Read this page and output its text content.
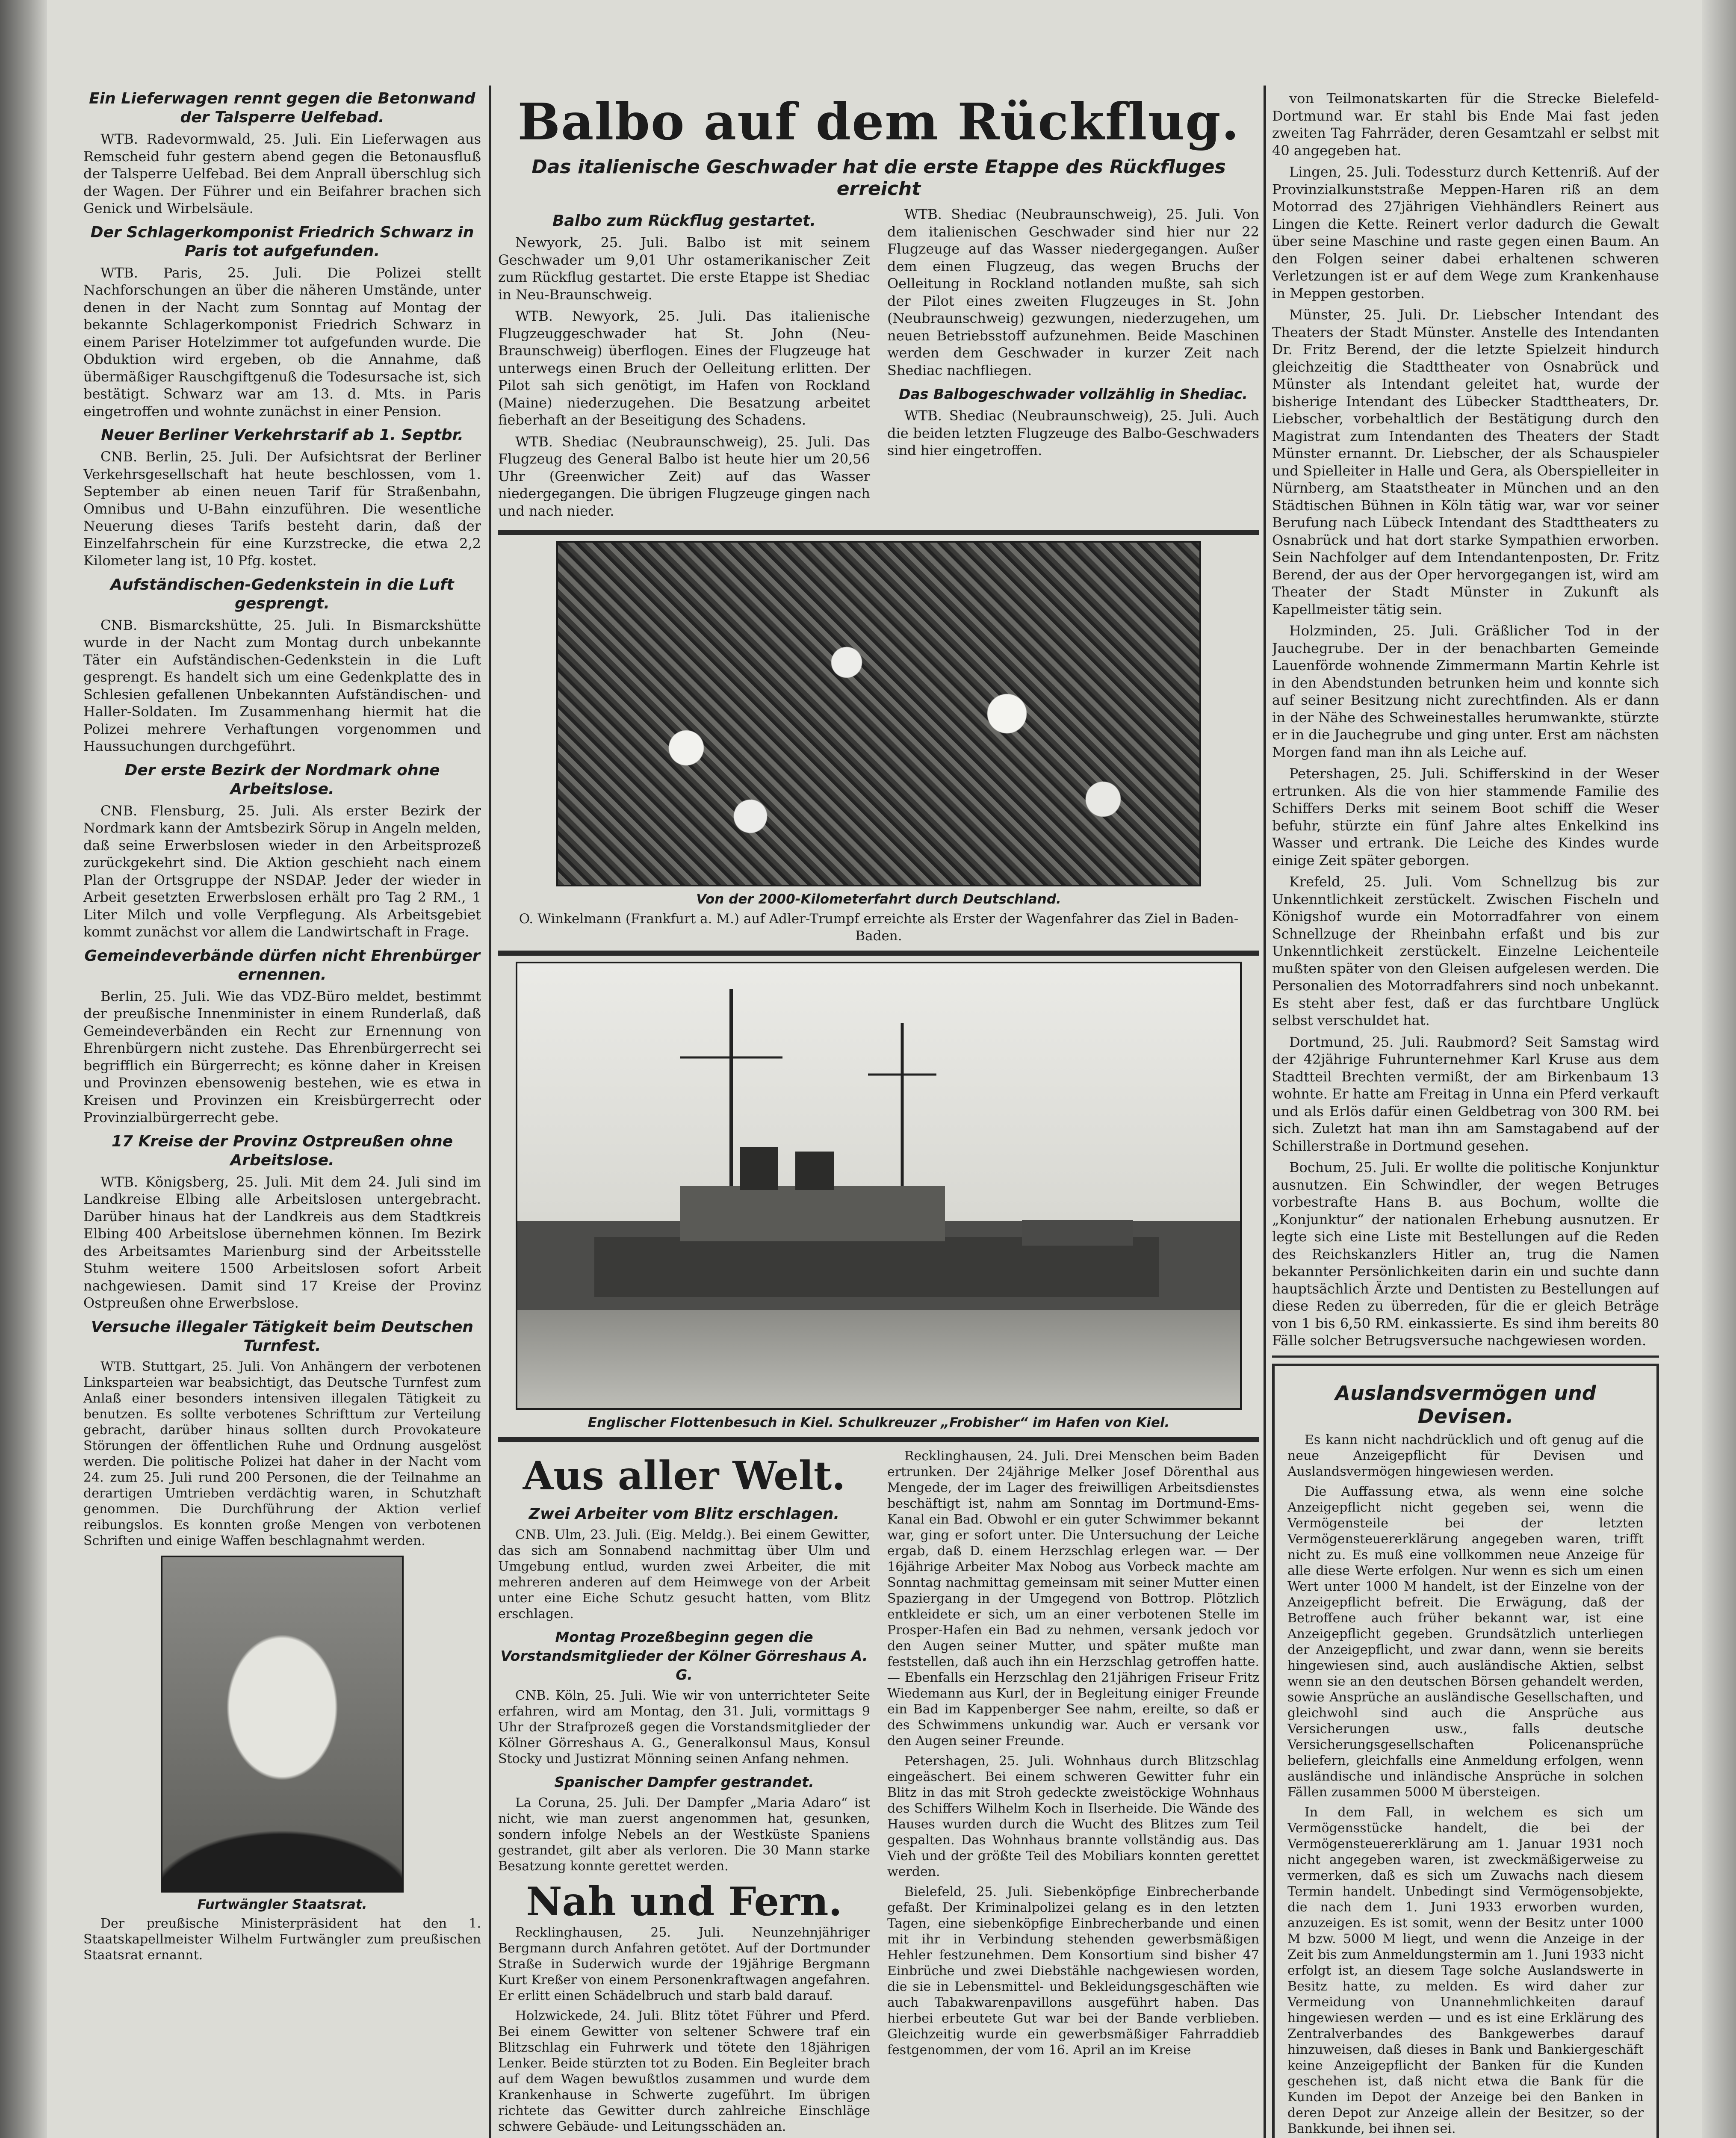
Ein Lieferwagen rennt gegen die Betonwand der Talsperre Uelfebad.

WTB. Radevormwald, 25. Juli. Ein Lieferwagen aus Remscheid fuhr gestern abend gegen die Betonausfluß der Talsperre Uelfebad. Bei dem Anprall überschlug sich der Wagen. Der Führer und ein Beifahrer brachen sich Genick und Wirbelsäule.

Der Schlagerkomponist Friedrich Schwarz in Paris tot aufgefunden.

WTB. Paris, 25. Juli. Die Polizei stellt Nachforschungen an über die näheren Umstände, unter denen in der Nacht zum Sonntag auf Montag der bekannte Schlagerkomponist Friedrich Schwarz in einem Pariser Hotelzimmer tot aufgefunden wurde. Die Obduktion wird ergeben, ob die Annahme, daß übermäßiger Rauschgiftgenuß die Todesursache ist, sich bestätigt. Schwarz war am 13. d. Mts. in Paris eingetroffen und wohnte zunächst in einer Pension.

Neuer Berliner Verkehrstarif ab 1. Septbr.

CNB. Berlin, 25. Juli. Der Aufsichtsrat der Berliner Verkehrsgesellschaft hat heute beschlossen, vom 1. September ab einen neuen Tarif für Straßenbahn, Omnibus und U-Bahn einzuführen. Die wesentliche Neuerung dieses Tarifs besteht darin, daß der Einzelfahrschein für eine Kurzstrecke, die etwa 2,2 Kilometer lang ist, 10 Pfg. kostet.

Aufständischen-Gedenkstein in die Luft gesprengt.

CNB. Bismarckshütte, 25. Juli. In Bismarckshütte wurde in der Nacht zum Montag durch unbekannte Täter ein Aufständischen-Gedenkstein in die Luft gesprengt. Es handelt sich um eine Gedenkplatte des in Schlesien gefallenen Unbekannten Aufständischen- und Haller-Soldaten. Im Zusammenhang hiermit hat die Polizei mehrere Verhaftungen vorgenommen und Haussuchungen durchgeführt.

Der erste Bezirk der Nordmark ohne Arbeitslose.

CNB. Flensburg, 25. Juli. Als erster Bezirk der Nordmark kann der Amtsbezirk Sörup in Angeln melden, daß seine Erwerbslosen wieder in den Arbeitsprozeß zurückgekehrt sind. Die Aktion geschieht nach einem Plan der Ortsgruppe der NSDAP. Jeder der wieder in Arbeit gesetzten Erwerbslosen erhält pro Tag 2 RM., 1 Liter Milch und volle Verpflegung. Als Arbeitsgebiet kommt zunächst vor allem die Landwirtschaft in Frage.

Gemeindeverbände dürfen nicht Ehrenbürger ernennen.

Berlin, 25. Juli. Wie das VDZ-Büro meldet, bestimmt der preußische Innenminister in einem Runderlaß, daß Gemeindeverbänden ein Recht zur Ernennung von Ehrenbürgern nicht zustehe. Das Ehrenbürgerrecht sei begrifflich ein Bürgerrecht; es könne daher in Kreisen und Provinzen ebensowenig bestehen, wie es etwa in Kreisen und Provinzen ein Kreisbürgerrecht oder Provinzialbürgerrecht gebe.

17 Kreise der Provinz Ostpreußen ohne Arbeitslose.

WTB. Königsberg, 25. Juli. Mit dem 24. Juli sind im Landkreise Elbing alle Arbeitslosen untergebracht. Darüber hinaus hat der Landkreis aus dem Stadtkreis Elbing 400 Arbeitslose übernehmen können. Im Bezirk des Arbeitsamtes Marienburg sind der Arbeitsstelle Stuhm weitere 1500 Arbeitslosen sofort Arbeit nachgewiesen. Damit sind 17 Kreise der Provinz Ostpreußen ohne Erwerbslose.

Versuche illegaler Tätigkeit beim Deutschen Turnfest.

WTB. Stuttgart, 25. Juli. Von Anhängern der verbotenen Linksparteien war beabsichtigt, das Deutsche Turnfest zum Anlaß einer besonders intensiven illegalen Tätigkeit zu benutzen. Es sollte verbotenes Schrifttum zur Verteilung gebracht, darüber hinaus sollten durch Provokateure Störungen der öffentlichen Ruhe und Ordnung ausgelöst werden. Die politische Polizei hat daher in der Nacht vom 24. zum 25. Juli rund 200 Personen, die der Teilnahme an derartigen Umtrieben verdächtig waren, in Schutzhaft genommen. Die Durchführung der Aktion verlief reibungslos. Es konnten große Mengen von verbotenen Schriften und einige Waffen beschlagnahmt werden.

Furtwängler Staatsrat.

Der preußische Ministerpräsident hat den 1. Staatskapellmeister Wilhelm Furtwängler zum preußischen Staatsrat ernannt.

Balbo auf dem Rückflug.
Das italienische Geschwader hat die erste Etappe des Rückfluges erreicht
Balbo zum Rückflug gestartet.

Newyork, 25. Juli. Balbo ist mit seinem Geschwader um 9,01 Uhr ostamerikanischer Zeit zum Rückflug gestartet. Die erste Etappe ist Shediac in Neu-Braunschweig.

WTB. Newyork, 25. Juli. Das italienische Flugzeuggeschwader hat St. John (Neu-Braunschweig) überflogen. Eines der Flugzeuge hat unterwegs einen Bruch der Oelleitung erlitten. Der Pilot sah sich genötigt, im Hafen von Rockland (Maine) niederzugehen. Die Besatzung arbeitet fieberhaft an der Beseitigung des Schadens.

WTB. Shediac (Neubraunschweig), 25. Juli. Das Flugzeug des General Balbo ist heute hier um 20,56 Uhr (Greenwicher Zeit) auf das Wasser niedergegangen. Die übrigen Flugzeuge gingen nach und nach nieder.

WTB. Shediac (Neubraunschweig), 25. Juli. Von dem italienischen Geschwader sind hier nur 22 Flugzeuge auf das Wasser niedergegangen. Außer dem einen Flugzeug, das wegen Bruchs der Oelleitung in Rockland notlanden mußte, sah sich der Pilot eines zweiten Flugzeuges in St. John (Neubraunschweig) gezwungen, niederzugehen, um neuen Betriebsstoff aufzunehmen. Beide Maschinen werden dem Geschwader in kurzer Zeit nach Shediac nachfliegen.

Das Balbogeschwader vollzählig in Shediac.

WTB. Shediac (Neubraunschweig), 25. Juli. Auch die beiden letzten Flugzeuge des Balbo-Geschwaders sind hier eingetroffen.

Von der 2000-Kilometerfahrt durch Deutschland.
O. Winkelmann (Frankfurt a. M.) auf Adler-Trumpf erreichte als Erster der Wagenfahrer das Ziel in Baden-Baden.
Englischer Flottenbesuch in Kiel. Schulkreuzer „Frobisher“ im Hafen von Kiel.
Aus aller Welt.
Zwei Arbeiter vom Blitz erschlagen.

CNB. Ulm, 23. Juli. (Eig. Meldg.). Bei einem Gewitter, das sich am Sonnabend nachmittag über Ulm und Umgebung entlud, wurden zwei Arbeiter, die mit mehreren anderen auf dem Heimwege von der Arbeit unter eine Eiche Schutz gesucht hatten, vom Blitz erschlagen.

Montag Prozeßbeginn gegen die Vorstandsmitglieder der Kölner Görreshaus A. G.

CNB. Köln, 25. Juli. Wie wir von unterrichteter Seite erfahren, wird am Montag, den 31. Juli, vormittags 9 Uhr der Strafprozeß gegen die Vorstandsmitglieder der Kölner Görreshaus A. G., Generalkonsul Maus, Konsul Stocky und Justizrat Mönning seinen Anfang nehmen.

Spanischer Dampfer gestrandet.

La Coruna, 25. Juli. Der Dampfer „Maria Adaro“ ist nicht, wie man zuerst angenommen hat, gesunken, sondern infolge Nebels an der Westküste Spaniens gestrandet, gilt aber als verloren. Die 30 Mann starke Besatzung konnte gerettet werden.

Nah und Fern.

Recklinghausen, 25. Juli. Neunzehnjähriger Bergmann durch Anfahren getötet. Auf der Dortmunder Straße in Suderwich wurde der 19jährige Bergmann Kurt Kreßer von einem Personenkraftwagen angefahren. Er erlitt einen Schädelbruch und starb bald darauf.

Holzwickede, 24. Juli. Blitz tötet Führer und Pferd. Bei einem Gewitter von seltener Schwere traf ein Blitzschlag ein Fuhrwerk und tötete den 18jährigen Lenker. Beide stürzten tot zu Boden. Ein Begleiter brach auf dem Wagen bewußtlos zusammen und wurde dem Krankenhause in Schwerte zugeführt. Im übrigen richtete das Gewitter durch zahlreiche Einschläge schwere Gebäude- und Leitungsschäden an.

Recklinghausen, 24. Juli. Drei Menschen beim Baden ertrunken. Der 24jährige Melker Josef Dörenthal aus Mengede, der im Lager des freiwilligen Arbeitsdienstes beschäftigt ist, nahm am Sonntag im Dortmund-Ems-Kanal ein Bad. Obwohl er ein guter Schwimmer bekannt war, ging er sofort unter. Die Untersuchung der Leiche ergab, daß D. einem Herzschlag erlegen war. — Der 16jährige Arbeiter Max Nobog aus Vorbeck machte am Sonntag nachmittag gemeinsam mit seiner Mutter einen Spaziergang in der Umgegend von Bottrop. Plötzlich entkleidete er sich, um an einer verbotenen Stelle im Prosper-Hafen ein Bad zu nehmen, versank jedoch vor den Augen seiner Mutter, und später mußte man feststellen, daß auch ihn ein Herzschlag getroffen hatte. — Ebenfalls ein Herzschlag den 21jährigen Friseur Fritz Wiedemann aus Kurl, der in Begleitung einiger Freunde ein Bad im Kappenberger See nahm, ereilte, so daß er des Schwimmens unkundig war. Auch er versank vor den Augen seiner Freunde.

Petershagen, 25. Juli. Wohnhaus durch Blitzschlag eingeäschert. Bei einem schweren Gewitter fuhr ein Blitz in das mit Stroh gedeckte zweistöckige Wohnhaus des Schiffers Wilhelm Koch in Ilserheide. Die Wände des Hauses wurden durch die Wucht des Blitzes zum Teil gespalten. Das Wohnhaus brannte vollständig aus. Das Vieh und der größte Teil des Mobiliars konnten gerettet werden.

Bielefeld, 25. Juli. Siebenköpfige Einbrecherbande gefaßt. Der Kriminalpolizei gelang es in den letzten Tagen, eine siebenköpfige Einbrecherbande und einen mit ihr in Verbindung stehenden gewerbsmäßigen Hehler festzunehmen. Dem Konsortium sind bisher 47 Einbrüche und zwei Diebstähle nachgewiesen worden, die sie in Lebensmittel- und Bekleidungsgeschäften wie auch Tabakwarenpavillons ausgeführt haben. Das hierbei erbeutete Gut war bei der Bande verblieben. Gleichzeitig wurde ein gewerbsmäßiger Fahrraddieb festgenommen, der vom 16. April an im Kreise

von Teilmonatskarten für die Strecke Bielefeld-Dortmund war. Er stahl bis Ende Mai fast jeden zweiten Tag Fahrräder, deren Gesamtzahl er selbst mit 40 angegeben hat.

Lingen, 25. Juli. Todessturz durch Kettenriß. Auf der Provinzialkunststraße Meppen-Haren riß an dem Motorrad des 27jährigen Viehhändlers Reinert aus Lingen die Kette. Reinert verlor dadurch die Gewalt über seine Maschine und raste gegen einen Baum. An den Folgen seiner dabei erhaltenen schweren Verletzungen ist er auf dem Wege zum Krankenhause in Meppen gestorben.

Münster, 25. Juli. Dr. Liebscher Intendant des Theaters der Stadt Münster. Anstelle des Intendanten Dr. Fritz Berend, der die letzte Spielzeit hindurch gleichzeitig die Stadttheater von Osnabrück und Münster als Intendant geleitet hat, wurde der bisherige Intendant des Lübecker Stadttheaters, Dr. Liebscher, vorbehaltlich der Bestätigung durch den Magistrat zum Intendanten des Theaters der Stadt Münster ernannt. Dr. Liebscher, der als Schauspieler und Spielleiter in Halle und Gera, als Oberspielleiter in Nürnberg, am Staatstheater in München und an den Städtischen Bühnen in Köln tätig war, war vor seiner Berufung nach Lübeck Intendant des Stadttheaters zu Osnabrück und hat dort starke Sympathien erworben. Sein Nachfolger auf dem Intendantenposten, Dr. Fritz Berend, der aus der Oper hervorgegangen ist, wird am Theater der Stadt Münster in Zukunft als Kapellmeister tätig sein.

Holzminden, 25. Juli. Gräßlicher Tod in der Jauchegrube. Der in der benachbarten Gemeinde Lauenförde wohnende Zimmermann Martin Kehrle ist in den Abendstunden betrunken heim und konnte sich auf seiner Besitzung nicht zurechtfinden. Als er dann in der Nähe des Schweinestalles herumwankte, stürzte er in die Jauchegrube und ging unter. Erst am nächsten Morgen fand man ihn als Leiche auf.

Petershagen, 25. Juli. Schifferskind in der Weser ertrunken. Als die von hier stammende Familie des Schiffers Derks mit seinem Boot schiff die Weser befuhr, stürzte ein fünf Jahre altes Enkelkind ins Wasser und ertrank. Die Leiche des Kindes wurde einige Zeit später geborgen.

Krefeld, 25. Juli. Vom Schnellzug bis zur Unkenntlichkeit zerstückelt. Zwischen Fischeln und Königshof wurde ein Motorradfahrer von einem Schnellzuge der Rheinbahn erfaßt und bis zur Unkenntlichkeit zerstückelt. Einzelne Leichenteile mußten später von den Gleisen aufgelesen werden. Die Personalien des Motorradfahrers sind noch unbekannt. Es steht aber fest, daß er das furchtbare Unglück selbst verschuldet hat.

Dortmund, 25. Juli. Raubmord? Seit Samstag wird der 42jährige Fuhrunternehmer Karl Kruse aus dem Stadtteil Brechten vermißt, der am Birkenbaum 13 wohnte. Er hatte am Freitag in Unna ein Pferd verkauft und als Erlös dafür einen Geldbetrag von 300 RM. bei sich. Zuletzt hat man ihn am Samstagabend auf der Schillerstraße in Dortmund gesehen.

Bochum, 25. Juli. Er wollte die politische Konjunktur ausnutzen. Ein Schwindler, der wegen Betruges vorbestrafte Hans B. aus Bochum, wollte die „Konjunktur“ der nationalen Erhebung ausnutzen. Er legte sich eine Liste mit Bestellungen auf die Reden des Reichskanzlers Hitler an, trug die Namen bekannter Persönlichkeiten darin ein und suchte dann hauptsächlich Ärzte und Dentisten zu Bestellungen auf diese Reden zu überreden, für die er gleich Beträge von 1 bis 6,50 RM. einkassierte. Es sind ihm bereits 80 Fälle solcher Betrugsversuche nachgewiesen worden.

Auslandsvermögen und Devisen.

Es kann nicht nachdrücklich und oft genug auf die neue Anzeigepflicht für Devisen und Auslandsvermögen hingewiesen werden.

Die Auffassung etwa, als wenn eine solche Anzeigepflicht nicht gegeben sei, wenn die Vermögensteile bei der letzten Vermögensteuererklärung angegeben waren, trifft nicht zu. Es muß eine vollkommen neue Anzeige für alle diese Werte erfolgen. Nur wenn es sich um einen Wert unter 1000 M handelt, ist der Einzelne von der Anzeigepflicht befreit. Die Erwägung, daß der Betroffene auch früher bekannt war, ist eine Anzeigepflicht gegeben. Grundsätzlich unterliegen der Anzeigepflicht, und zwar dann, wenn sie bereits hingewiesen sind, auch ausländische Aktien, selbst wenn sie an den deutschen Börsen gehandelt werden, sowie Ansprüche an ausländische Gesellschaften, und gleichwohl sind auch die Ansprüche aus Versicherungen usw., falls deutsche Versicherungsgesellschaften Policenansprüche beliefern, gleichfalls eine Anmeldung erfolgen, wenn ausländische und inländische Ansprüche in solchen Fällen zusammen 5000 M übersteigen.

In dem Fall, in welchem es sich um Vermögensstücke handelt, die bei der Vermögensteuererklärung am 1. Januar 1931 noch nicht angegeben waren, ist zweckmäßigerweise zu vermerken, daß es sich um Zuwachs nach diesem Termin handelt. Unbedingt sind Vermögensobjekte, die nach dem 1. Juni 1933 erworben wurden, anzuzeigen. Es ist somit, wenn der Besitz unter 1000 M bzw. 5000 M liegt, und wenn die Anzeige in der Zeit bis zum Anmeldungstermin am 1. Juni 1933 nicht erfolgt ist, an diesem Tage solche Auslandswerte in Besitz hatte, zu melden. Es wird daher zur Vermeidung von Unannehmlichkeiten darauf hingewiesen werden — und es ist eine Erklärung des Zentralverbandes des Bankgewerbes darauf hinzuweisen, daß dieses in Bank und Bankiergeschäft keine Anzeigepflicht der Banken für die Kunden geschehen ist, daß nicht etwa die Bank für die Kunden im Depot der Anzeige bei den Banken in deren Depot zur Anzeige allein der Besitzer, so der Bankkunde, bei ihnen sei.
